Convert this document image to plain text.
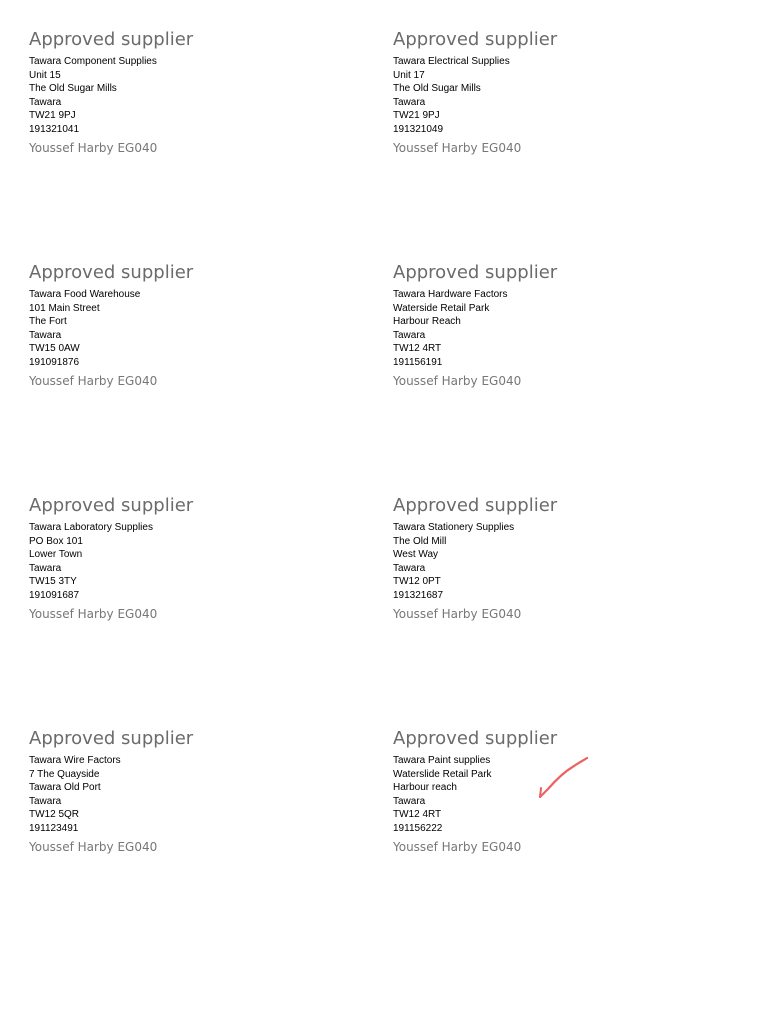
Approved supplier
Tawara Component Supplies
Unit 15
The Old Sugar Mills
Tawara
TW21 9PJ
191321041
Youssef Harby EG040
Approved supplier
Tawara Electrical Supplies
Unit 17
The Old Sugar Mills
Tawara
TW21 9PJ
191321049
Youssef Harby EG040
Approved supplier
Tawara Food Warehouse
101 Main Street
The Fort
Tawara
TW15 0AW
191091876
Youssef Harby EG040
Approved supplier
Tawara Hardware Factors
Waterside Retail Park
Harbour Reach
Tawara
TW12 4RT
191156191
Youssef Harby EG040
Approved supplier
Tawara Laboratory Supplies
PO Box 101
Lower Town
Tawara
TW15 3TY
191091687
Youssef Harby EG040
Approved supplier
Tawara Stationery Supplies
The Old Mill
West Way
Tawara
TW12 0PT
191321687
Youssef Harby EG040
Approved supplier
Tawara Wire Factors
7 The Quayside
Tawara Old Port
Tawara
TW12 5QR
191123491
Youssef Harby EG040
Approved supplier
Tawara Paint supplies
Waterslide Retail Park
Harbour reach
Tawara
TW12 4RT
191156222
Youssef Harby EG040
